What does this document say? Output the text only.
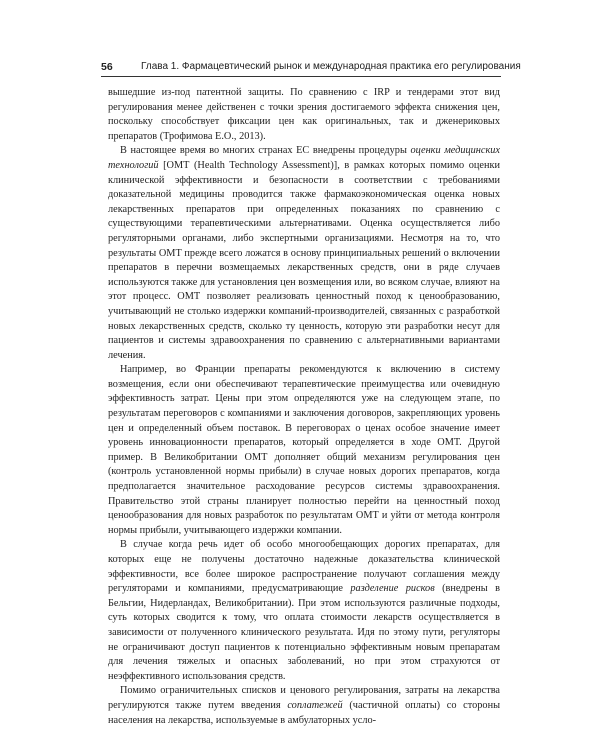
56	Глава 1. Фармацевтический рынок и международная практика его регулирования

вышедшие из-под патентной защиты. По сравнению с IRP и тендерами этот вид регулирования менее действенен с точки зрения достигаемого эффекта снижения цен, поскольку способствует фиксации цен как оригинальных, так и дженериковых препаратов (Трофимова Е.О., 2013).

В настоящее время во многих странах ЕС внедрены процедуры оценки медицинских технологий [ОМТ (Health Technology Assessment)], в рамках которых помимо оценки клинической эффективности и безопасности в соответствии с требованиями доказательной медицины проводится также фармакоэкономическая оценка новых лекарственных препаратов при определенных показаниях по сравнению с существующими терапевтическими альтернативами. Оценка осуществляется либо регуляторными органами, либо экспертными организациями. Несмотря на то, что результаты ОМТ прежде всего ложатся в основу принципиальных решений о включении препаратов в перечни возмещаемых лекарственных средств, они в ряде случаев используются также для установления цен возмещения или, во всяком случае, влияют на этот процесс. ОМТ позволяет реализовать ценностный поход к ценообразованию, учитывающий не столько издержки компаний-производителей, связанных с разработкой новых лекарственных средств, сколько ту ценность, которую эти разработки несут для пациентов и системы здравоохранения по сравнению с альтернативными вариантами лечения.

Например, во Франции препараты рекомендуются к включению в систему возмещения, если они обеспечивают терапевтические преимущества или очевидную эффективность затрат. Цены при этом определяются уже на следующем этапе, по результатам переговоров с компаниями и заключения договоров, закрепляющих уровень цен и определенный объем поставок. В переговорах о ценах особое значение имеет уровень инновационности препаратов, который определяется в ходе ОМТ. Другой пример. В Великобритании ОМТ дополняет общий механизм регулирования цен (контроль установленной нормы прибыли) в случае новых дорогих препаратов, когда предполагается значительное расходование ресурсов системы здравоохранения. Правительство этой страны планирует полностью перейти на ценностный поход ценообразования для новых разработок по результатам ОМТ и уйти от метода контроля нормы прибыли, учитывающего издержки компании.

В случае когда речь идет об особо многообещающих дорогих препаратах, для которых еще не получены достаточно надежные доказательства клинической эффективности, все более широкое распространение получают соглашения между регуляторами и компаниями, предусматривающие разделение рисков (внедрены в Бельгии, Нидерландах, Великобритании). При этом используются различные подходы, суть которых сводится к тому, что оплата стоимости лекарств осуществляется в зависимости от полученного клинического результата. Идя по этому пути, регуляторы не ограничивают доступ пациентов к потенциально эффективным новым препаратам для лечения тяжелых и опасных заболеваний, но при этом страхуются от неэффективного использования средств.

Помимо ограничительных списков и ценового регулирования, затраты на лекарства регулируются также путем введения соплатежей (частичной оплаты) со стороны населения на лекарства, используемые в амбулаторных усло-
